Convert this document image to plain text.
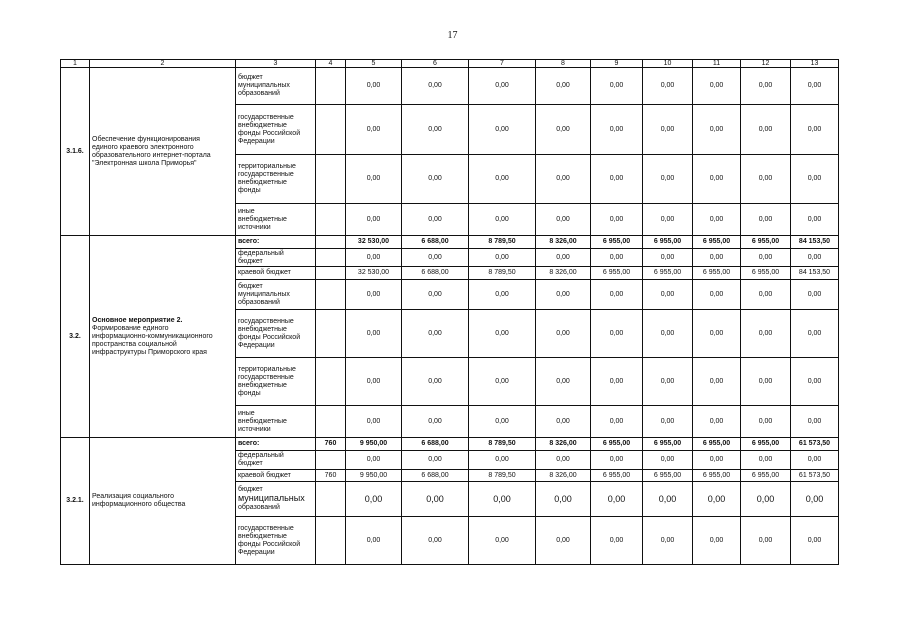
17
1	2	3	4	5	6	7	8	9	10	11	12	13
3.1.6.	Обеспечение функционирования
единого краевого электронного
образовательного интернет-портала
"Электронная школа Приморья"	бюджет
муниципальных
образований		0,00	0,00	0,00	0,00	0,00	0,00	0,00	0,00	0,00
		государственные
внебюджетные
фонды Российской
Федерации		0,00	0,00	0,00	0,00	0,00	0,00	0,00	0,00	0,00
		территориальные
государственные
внебюджетные
фонды		0,00	0,00	0,00	0,00	0,00	0,00	0,00	0,00	0,00
		иные
внебюджетные
источники		0,00	0,00	0,00	0,00	0,00	0,00	0,00	0,00	0,00
3.2.	Основное мероприятие 2.
Формирование единого
информационно-коммуникационного
пространства социальной
инфраструктуры Приморского края	всего:		32 530,00	6 688,00	8 789,50	8 326,00	6 955,00	6 955,00	6 955,00	6 955,00	84 153,50
		федеральный
бюджет		0,00	0,00	0,00	0,00	0,00	0,00	0,00	0,00	0,00
		краевой бюджет		32 530,00	6 688,00	8 789,50	8 326,00	6 955,00	6 955,00	6 955,00	6 955,00	84 153,50
		бюджет
муниципальных
образований		0,00	0,00	0,00	0,00	0,00	0,00	0,00	0,00	0,00
		государственные
внебюджетные
фонды Российской
Федерации		0,00	0,00	0,00	0,00	0,00	0,00	0,00	0,00	0,00
		территориальные
государственные
внебюджетные
фонды		0,00	0,00	0,00	0,00	0,00	0,00	0,00	0,00	0,00
		иные
внебюджетные
источники		0,00	0,00	0,00	0,00	0,00	0,00	0,00	0,00	0,00
3.2.1.	Реализация социального
информационного общества	всего:	760	9 950,00	6 688,00	8 789,50	8 326,00	6 955,00	6 955,00	6 955,00	6 955,00	61 573,50
		федеральный
бюджет		0,00	0,00	0,00	0,00	0,00	0,00	0,00	0,00	0,00
		краевой бюджет	760	9 950,00	6 688,00	8 789,50	8 326,00	6 955,00	6 955,00	6 955,00	6 955,00	61 573,50
		бюджет
муниципальных
образований		0,00	0,00	0,00	0,00	0,00	0,00	0,00	0,00	0,00
		государственные
внебюджетные
фонды Российской
Федерации		0,00	0,00	0,00	0,00	0,00	0,00	0,00	0,00	0,00
